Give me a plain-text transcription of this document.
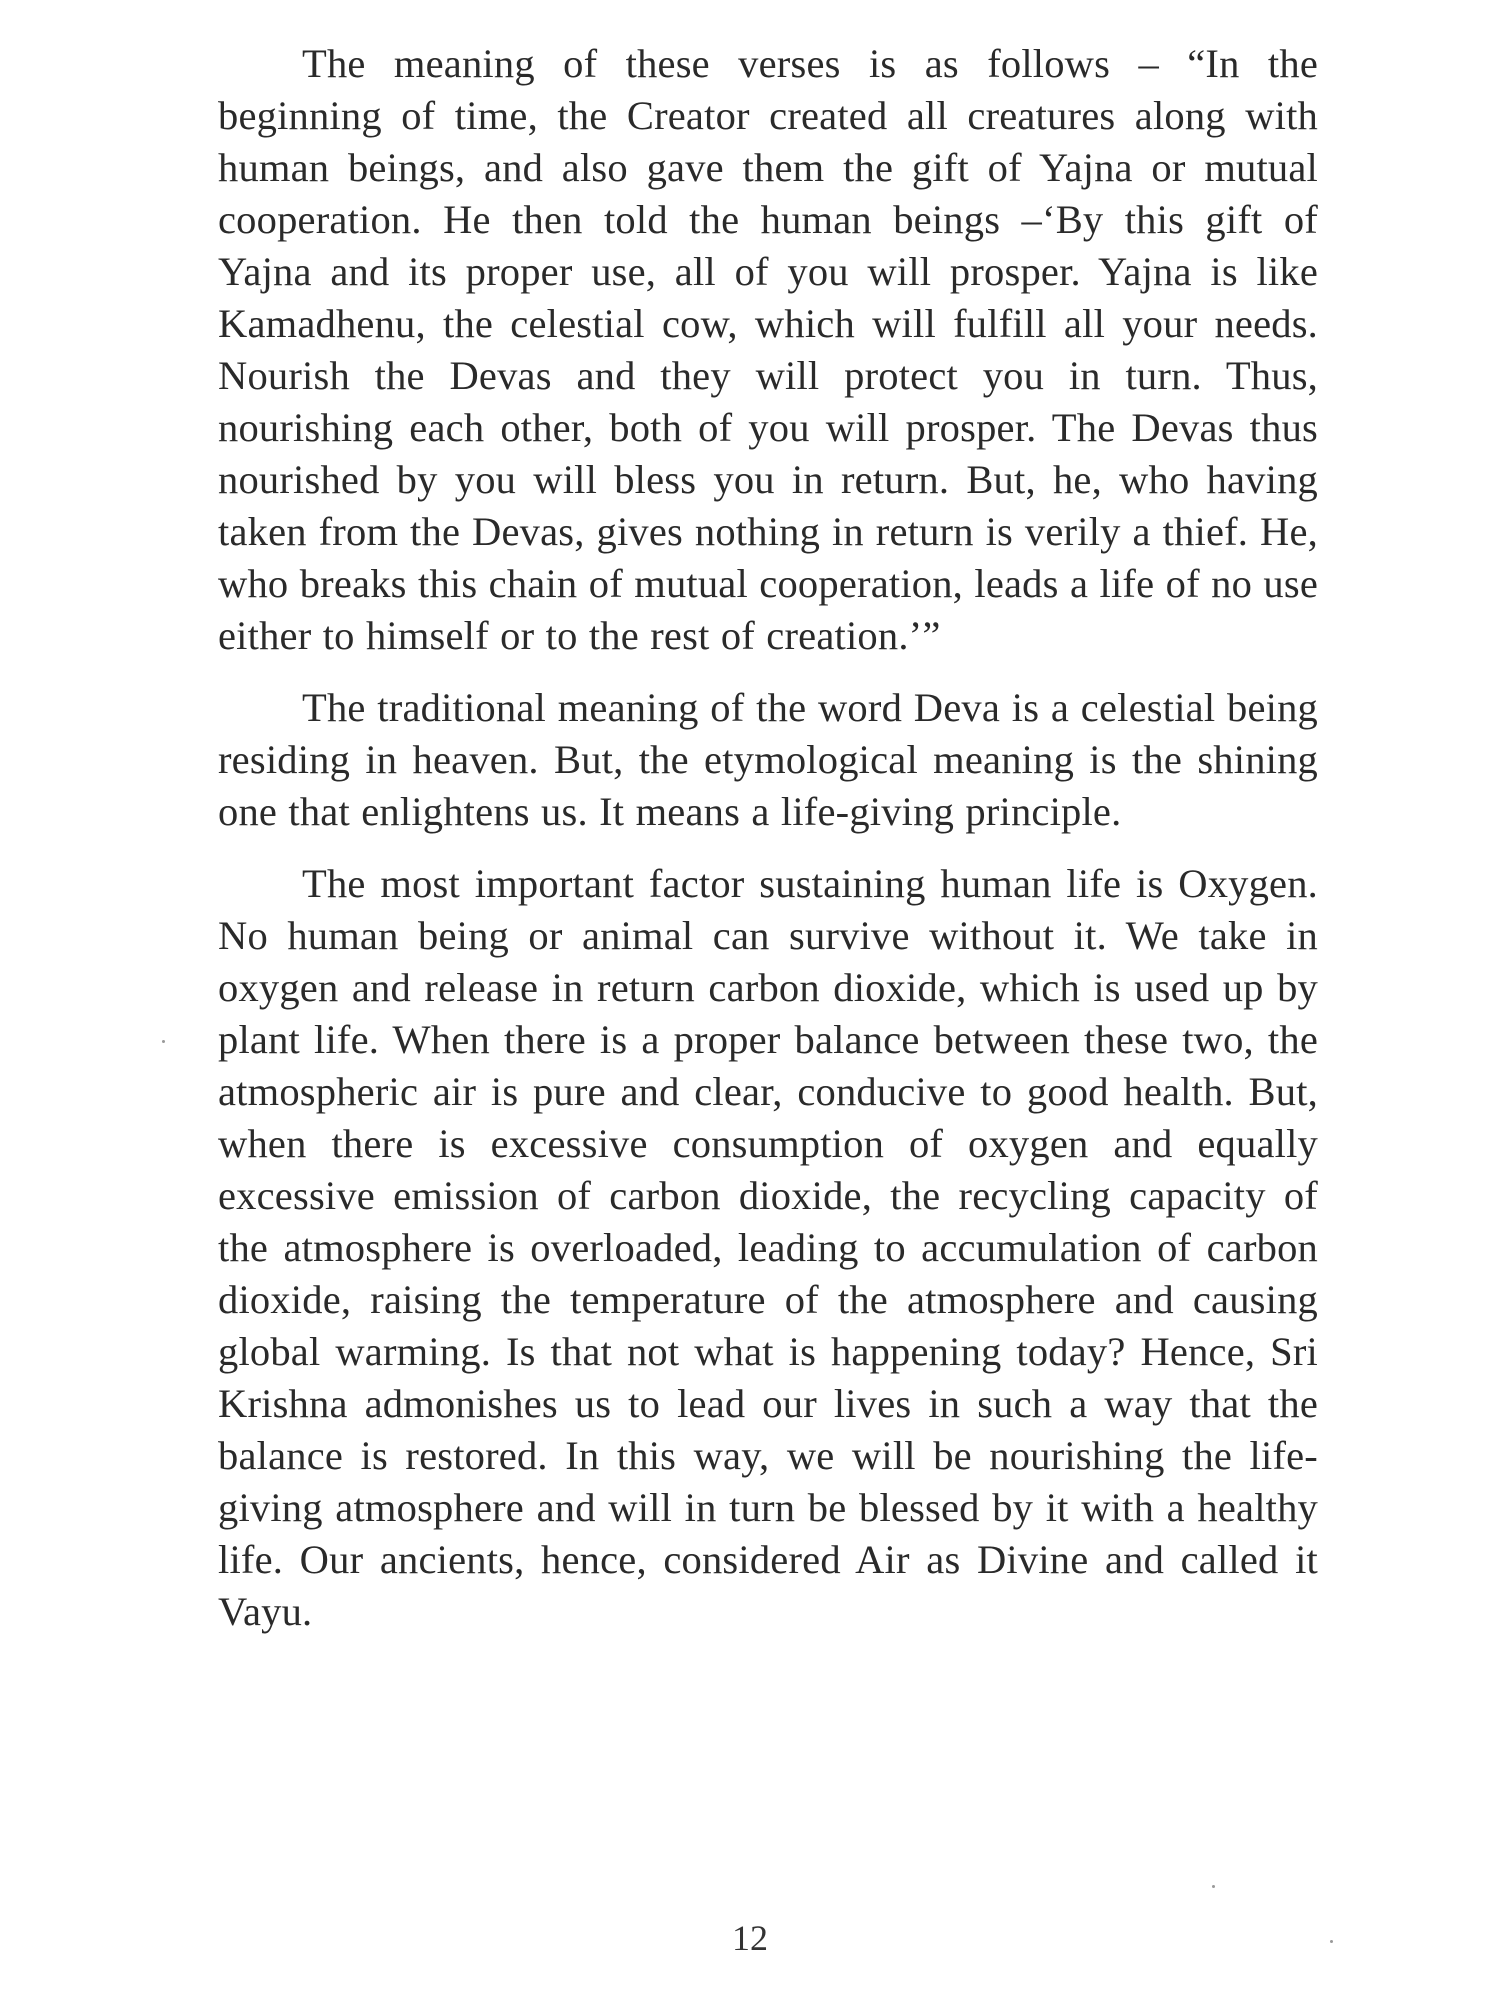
The meaning of these verses is as follows – “In the beginning of time, the Creator created all creatures along with human beings, and also gave them the gift of Yajna or mutual cooperation. He then told the human beings –‘By this gift of Yajna and its proper use, all of you will prosper. Yajna is like Kamadhenu, the celestial cow, which will fulfill all your needs. Nourish the Devas and they will protect you in turn. Thus, nourishing each other, both of you will prosper. The Devas thus nourished by you will bless you in return. But, he, who having taken from the Devas, gives nothing in return is verily a thief. He, who breaks this chain of mutual cooperation, leads a life of no use either to himself or to the rest of creation.’”

The traditional meaning of the word Deva is a celestial being residing in heaven. But, the etymological meaning is the shining one that enlightens us. It means a life-giving principle.

The most important factor sustaining human life is Oxygen. No human being or animal can survive without it. We take in oxygen and release in return carbon dioxide, which is used up by plant life. When there is a proper balance between these two, the atmospheric air is pure and clear, conducive to good health. But, when there is excessive consumption of oxygen and equally excessive emission of carbon dioxide, the recycling capacity of the atmosphere is overloaded, leading to accumulation of carbon dioxide, raising the temperature of the atmosphere and causing global warming. Is that not what is happening today? Hence, Sri Krishna admonishes us to lead our lives in such a way that the balance is restored. In this way, we will be nourishing the life-giving atmosphere and will in turn be blessed by it with a healthy life. Our ancients, hence, considered Air as Divine and called it Vayu.

12
